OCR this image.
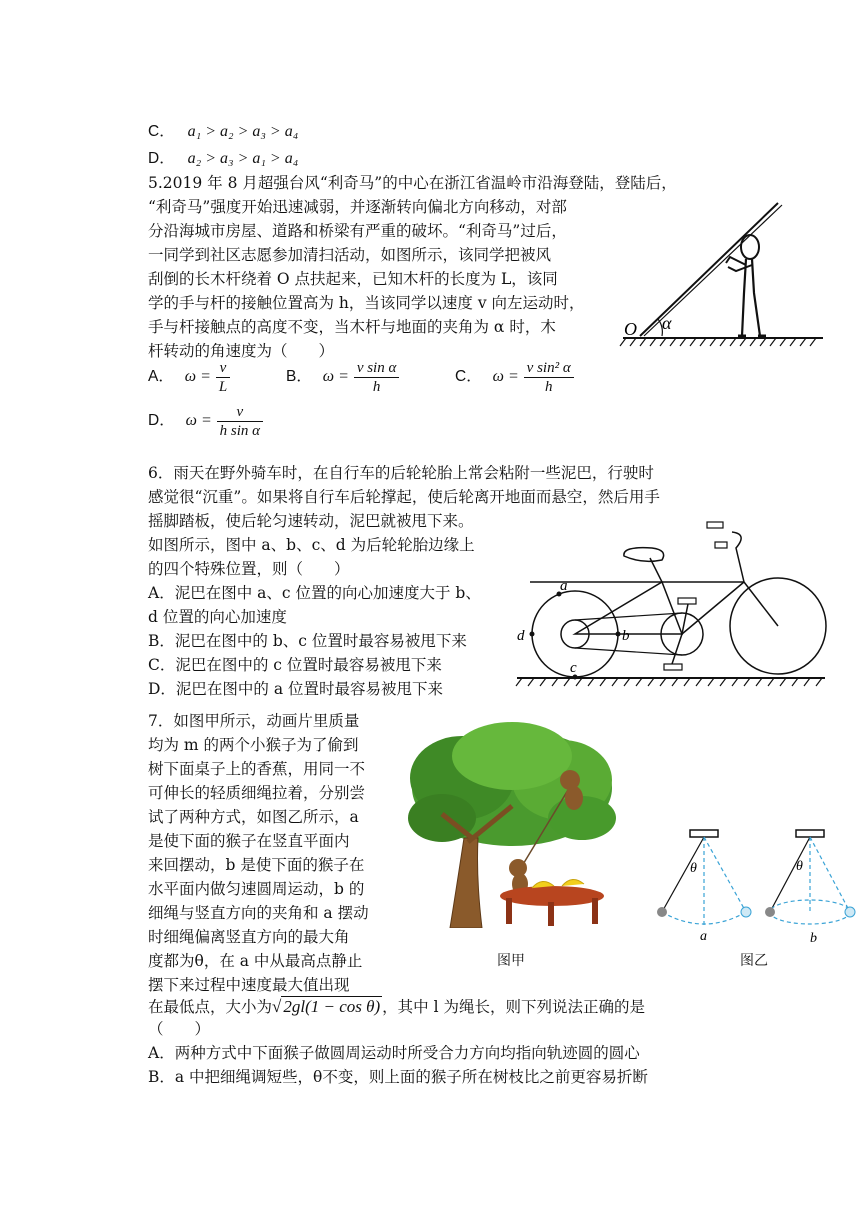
C． a₁ > a₂ > a₃ > a₄
D． a₂ > a₃ > a₁ > a₄
5.2019 年 8 月超强台风“利奇马”的中心在浙江省温岭市沿海登陆，登陆后，
“利奇马”强度开始迅速减弱，并逐渐转向偏北方向移动，对部
分沿海城市房屋、道路和桥梁有严重的破坏。“利奇马”过后，
一同学到社区志愿参加清扫活动，如图所示，该同学把被风
刮倒的长木杆绕着 O 点扶起来，已知木杆的长度为 L，该同
学的手与杆的接触位置高为 h，当该同学以速度 v 向左运动时，
手与杆接触点的高度不变，当木杆与地面的夹角为 α 时，木
杆转动的角速度为（　　）
O α
A． $\omega = \frac{v}{L}$	B． $\omega = \frac{\text{v sin α}}{h}$	C． $\omega = \frac{\text{v sin² α}}{h}$
D． $\omega = \frac{v}{\text{h sin α}}$
6．雨天在野外骑车时，在自行车的后轮轮胎上常会粘附一些泥巴，行驶时
感觉很“沉重”。如果将自行车后轮撑起，使后轮离开地面而悬空，然后用手
摇脚踏板，使后轮匀速转动，泥巴就被甩下来。
如图所示，图中 a、b、c、d 为后轮轮胎边缘上
的四个特殊位置，则（　　）
A．泥巴在图中 a、c 位置的向心加速度大于 b、
d 位置的向心加速度
B．泥巴在图中的 b、c 位置时最容易被甩下来
C．泥巴在图中的 c 位置时最容易被甩下来
D．泥巴在图中的 a 位置时最容易被甩下来
a
b
c
d
7．如图甲所示，动画片里质量
均为 m 的两个小猴子为了偷到
树下面桌子上的香蕉，用同一不
可伸长的轻质细绳拉着，分别尝
试了两种方式，如图乙所示，a
是使下面的猴子在竖直平面内
来回摆动，b 是使下面的猴子在
水平面内做匀速圆周运动，b 的
细绳与竖直方向的夹角和 a 摆动
时细绳偏离竖直方向的最大角
度都为θ，在 a 中从最高点静止
摆下来过程中速度最大值出现
在最低点，大小为√ 2gl(1 − cos θ) ，其中 l 为绳长，则下列说法正确的是
（　　）
A．两种方式中下面猴子做圆周运动时所受合力方向均指向轨迹圆的圆心
B．a 中把细绳调短些，θ不变，则上面的猴子所在树枝比之前更容易折断
图甲
θ
a
θ
b
图乙
